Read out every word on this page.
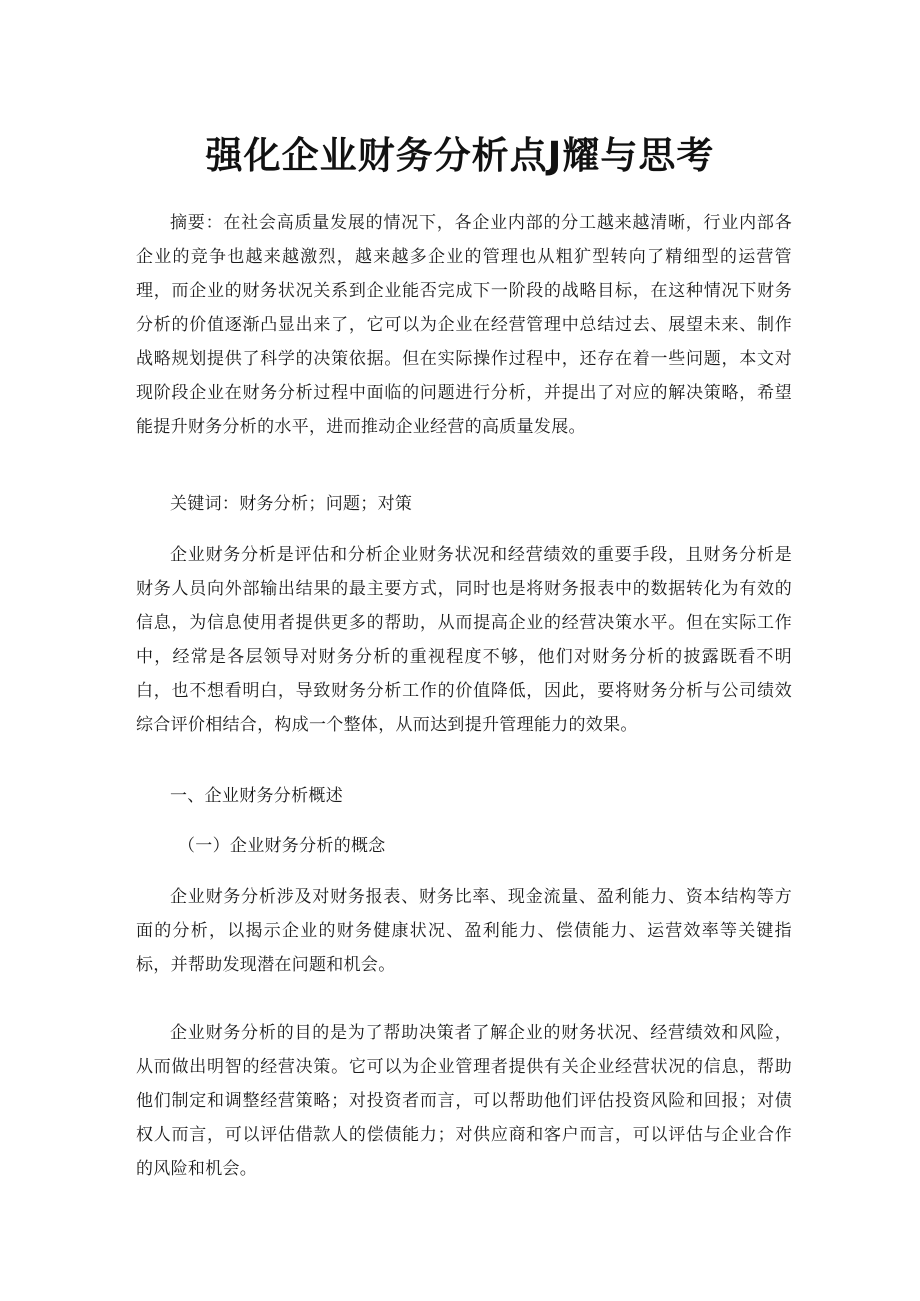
强化企业财务分析点J耀与思考

摘要：在社会高质量发展的情况下，各企业内部的分工越来越清晰，行业内部各企业的竞争也越来越激烈，越来越多企业的管理也从粗犷型转向了精细型的运营管理，而企业的财务状况关系到企业能否完成下一阶段的战略目标，在这种情况下财务分析的价值逐渐凸显出来了，它可以为企业在经营管理中总结过去、展望未来、制作战略规划提供了科学的决策依据。但在实际操作过程中，还存在着一些问题，本文对现阶段企业在财务分析过程中面临的问题进行分析，并提出了对应的解决策略，希望能提升财务分析的水平，进而推动企业经营的高质量发展。

关键词：财务分析；问题；对策

企业财务分析是评估和分析企业财务状况和经营绩效的重要手段，且财务分析是财务人员向外部输出结果的最主要方式，同时也是将财务报表中的数据转化为有效的信息，为信息使用者提供更多的帮助，从而提高企业的经营决策水平。但在实际工作中，经常是各层领导对财务分析的重视程度不够，他们对财务分析的披露既看不明白，也不想看明白，导致财务分析工作的价值降低，因此，要将财务分析与公司绩效综合评价相结合，构成一个整体，从而达到提升管理能力的效果。

一、企业财务分析概述

（一）企业财务分析的概念

企业财务分析涉及对财务报表、财务比率、现金流量、盈利能力、资本结构等方面的分析，以揭示企业的财务健康状况、盈利能力、偿债能力、运营效率等关键指标，并帮助发现潜在问题和机会。

企业财务分析的目的是为了帮助决策者了解企业的财务状况、经营绩效和风险，从而做出明智的经营决策。它可以为企业管理者提供有关企业经营状况的信息，帮助他们制定和调整经营策略；对投资者而言，可以帮助他们评估投资风险和回报；对债权人而言，可以评估借款人的偿债能力；对供应商和客户而言，可以评估与企业合作的风险和机会。
